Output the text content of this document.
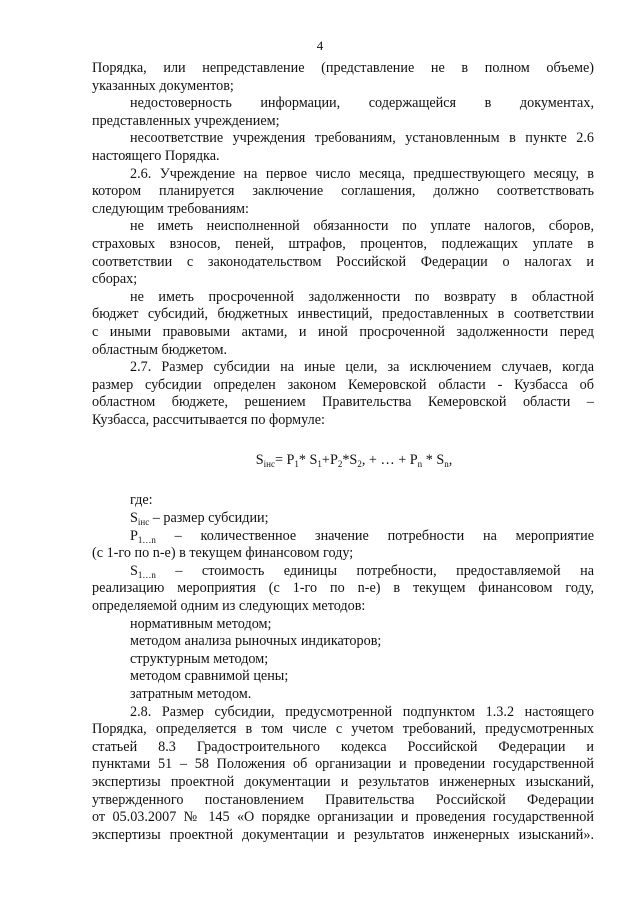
4
Порядка, или непредставление (представление не в полном объеме)
указанных документов;
недостоверность информации, содержащейся в документах,
представленных учреждением;
несоответствие учреждения требованиям, установленным в пункте 2.6
настоящего Порядка.
2.6. Учреждение на первое число месяца, предшествующего месяцу, в
котором планируется заключение соглашения, должно соответствовать
следующим требованиям:
не иметь неисполненной обязанности по уплате налогов, сборов,
страховых взносов, пеней, штрафов, процентов, подлежащих уплате в
соответствии с законодательством Российской Федерации о налогах и
сборах;
не иметь просроченной задолженности по возврату в областной
бюджет субсидий, бюджетных инвестиций, предоставленных в соответствии
с иными правовыми актами, и иной просроченной задолженности перед
областным бюджетом.
2.7. Размер субсидии на иные цели, за исключением случаев, когда
размер субсидии определен законом Кемеровской области - Кузбасса об
областном бюджете, решением Правительства Кемеровской области –
Кузбасса, рассчитывается по формуле:
$S_{iнс}= P_1*$ $S_1+P_2*S_2$, + … + $P_n * S_n$,
где:
$S_{iнс}$ – размер субсидии;
$P_{1\dots n}$ – количественное значение потребности на мероприятие
(с 1-го по n-е) в текущем финансовом году;
$S_{1\dots n}$ – стоимость единицы потребности, предоставляемой на
реализацию мероприятия (с 1-го по n-е) в текущем финансовом году,
определяемой одним из следующих методов:
нормативным методом;
методом анализа рыночных индикаторов;
структурным методом;
методом сравнимой цены;
затратным методом.
2.8. Размер субсидии, предусмотренной подпунктом 1.3.2 настоящего
Порядка, определяется в том числе с учетом требований, предусмотренных
статьей 8.3 Градостроительного кодекса Российской Федерации и
пунктами 51 – 58 Положения об организации и проведении государственной
экспертизы проектной документации и результатов инженерных изысканий,
утвержденного постановлением Правительства Российской Федерации
от 05.03.2007 № 145 «О порядке организации и проведения государственной
экспертизы проектной документации и результатов инженерных изысканий».
